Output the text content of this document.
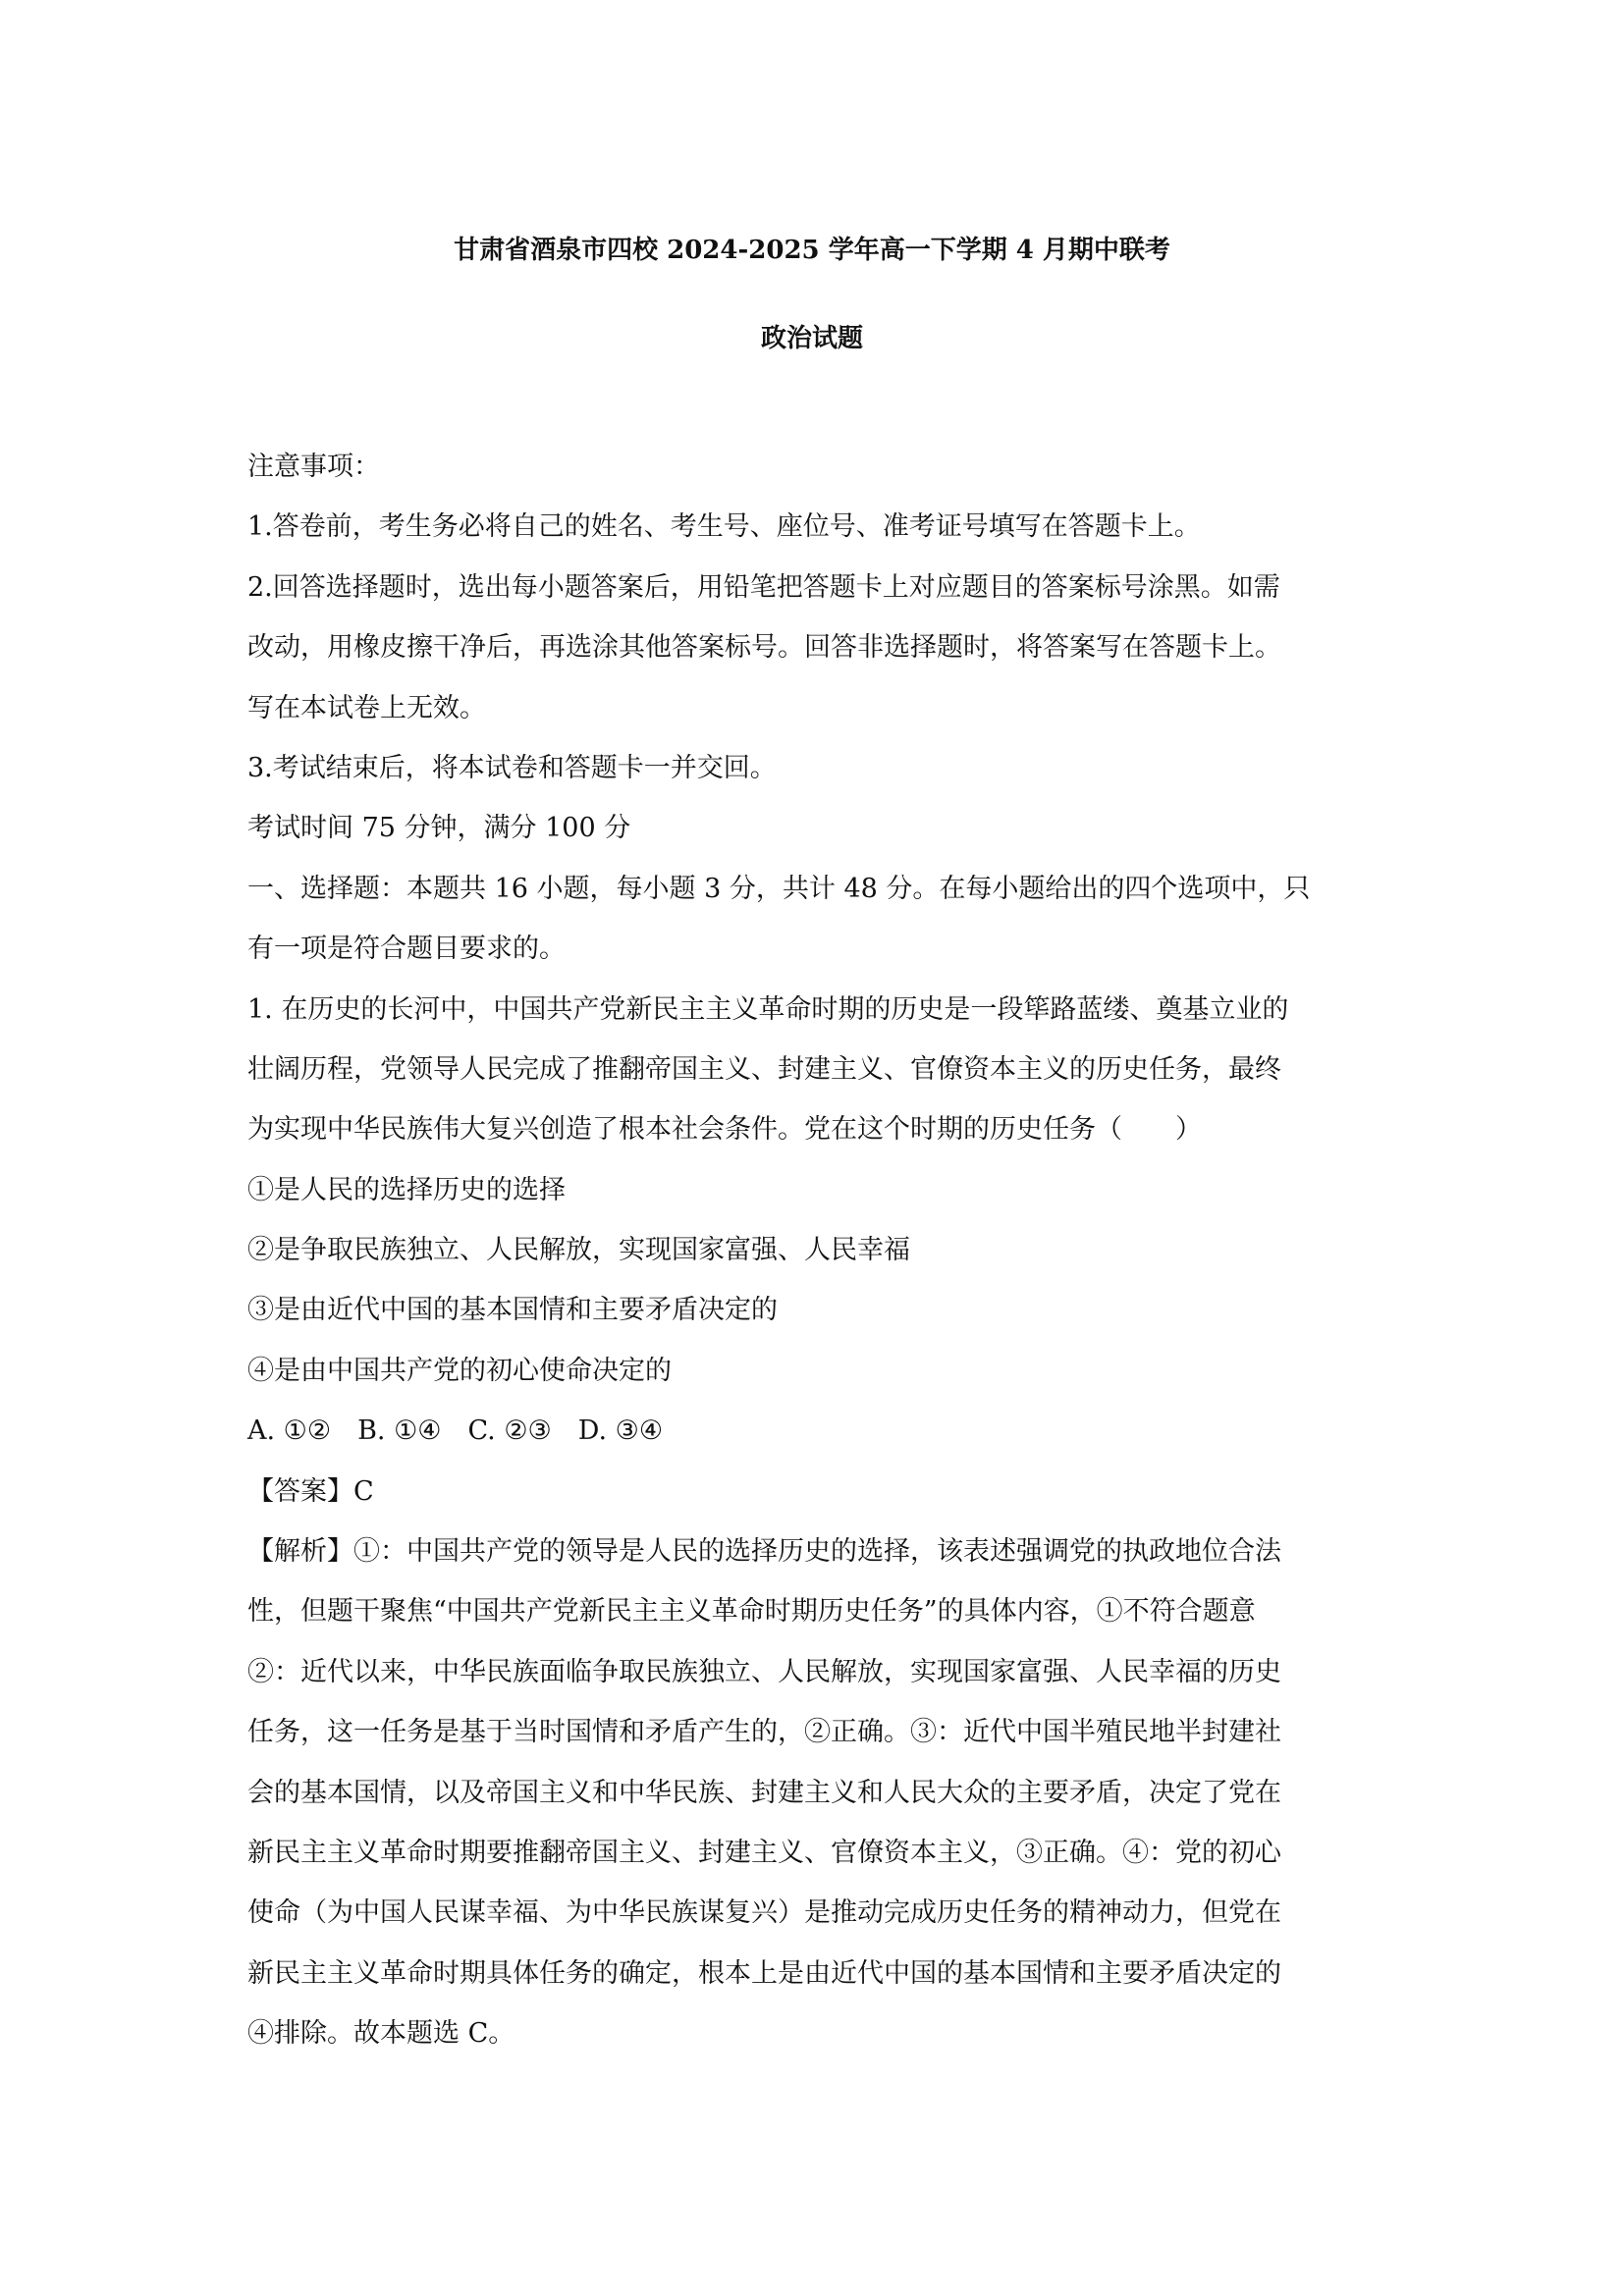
甘肃省酒泉市四校 2024-2025 学年高一下学期 4 月期中联考
政治试题
注意事项：
1.答卷前，考生务必将自己的姓名、考生号、座位号、准考证号填写在答题卡上。
2.回答选择题时，选出每小题答案后，用铅笔把答题卡上对应题目的答案标号涂黑。如需
改动，用橡皮擦干净后，再选涂其他答案标号。回答非选择题时，将答案写在答题卡上。
写在本试卷上无效。
3.考试结束后，将本试卷和答题卡一并交回。
考试时间 75 分钟，满分 100 分
一、选择题：本题共 16 小题，每小题 3 分，共计 48 分。在每小题给出的四个选项中，只
有一项是符合题目要求的。
1. 在历史的长河中，中国共产党新民主主义革命时期的历史是一段筚路蓝缕、奠基立业的
壮阔历程，党领导人民完成了推翻帝国主义、封建主义、官僚资本主义的历史任务，最终
为实现中华民族伟大复兴创造了根本社会条件。党在这个时期的历史任务（　　）
①是人民的选择历史的选择
②是争取民族独立、人民解放，实现国家富强、人民幸福
③是由近代中国的基本国情和主要矛盾决定的
④是由中国共产党的初心使命决定的
A. ①②　B. ①④　C. ②③　D. ③④
【答案】C
【解析】①：中国共产党的领导是人民的选择历史的选择，该表述强调党的执政地位合法
性，但题干聚焦“中国共产党新民主主义革命时期历史任务”的具体内容，①不符合题意
②：近代以来，中华民族面临争取民族独立、人民解放，实现国家富强、人民幸福的历史
任务，这一任务是基于当时国情和矛盾产生的，②正确。③：近代中国半殖民地半封建社
会的基本国情，以及帝国主义和中华民族、封建主义和人民大众的主要矛盾，决定了党在
新民主主义革命时期要推翻帝国主义、封建主义、官僚资本主义，③正确。④：党的初心
使命（为中国人民谋幸福、为中华民族谋复兴）是推动完成历史任务的精神动力，但党在
新民主主义革命时期具体任务的确定，根本上是由近代中国的基本国情和主要矛盾决定的
④排除。故本题选 C。
